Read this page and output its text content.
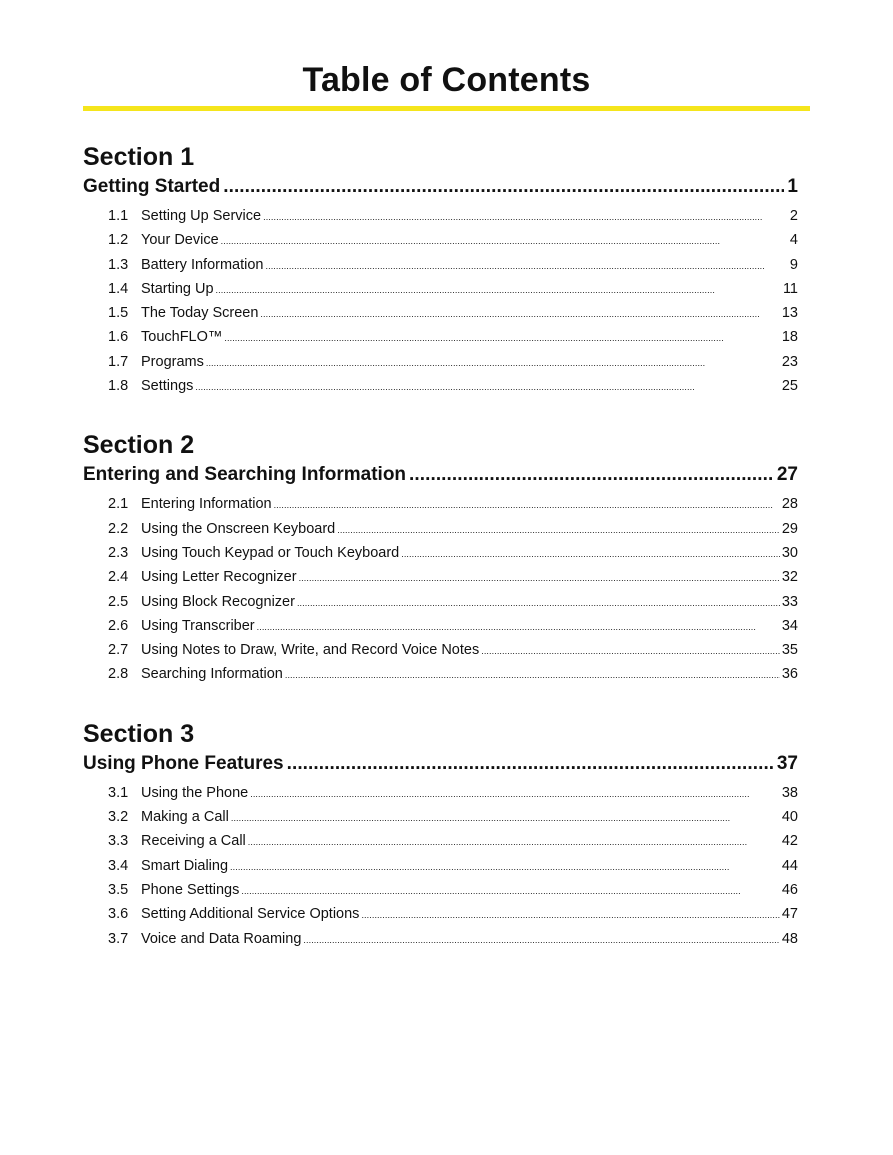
Table of Contents
Section 1
Getting Started . . .	1
1.1 Setting Up Service . . .	2
1.2 Your Device . . .	4
1.3 Battery Information . . .	9
1.4 Starting Up . . .	11
1.5 The Today Screen . . .	13
1.6 TouchFLO™ . . .	18
1.7 Programs . . .	23
1.8 Settings . . .	25
Section 2
Entering and Searching Information . . .	27
2.1 Entering Information . . .	28
2.2 Using the Onscreen Keyboard . . .	29
2.3 Using Touch Keypad or Touch Keyboard . . .	30
2.4 Using Letter Recognizer . . .	32
2.5 Using Block Recognizer . . .	33
2.6 Using Transcriber . . .	34
2.7 Using Notes to Draw, Write, and Record Voice Notes . . .	35
2.8 Searching Information . . .	36
Section 3
Using Phone Features . . .	37
3.1 Using the Phone . . .	38
3.2 Making a Call . . .	40
3.3 Receiving a Call . . .	42
3.4 Smart Dialing . . .	44
3.5 Phone Settings . . .	46
3.6 Setting Additional Service Options . . .	47
3.7 Voice and Data Roaming . . .	48
